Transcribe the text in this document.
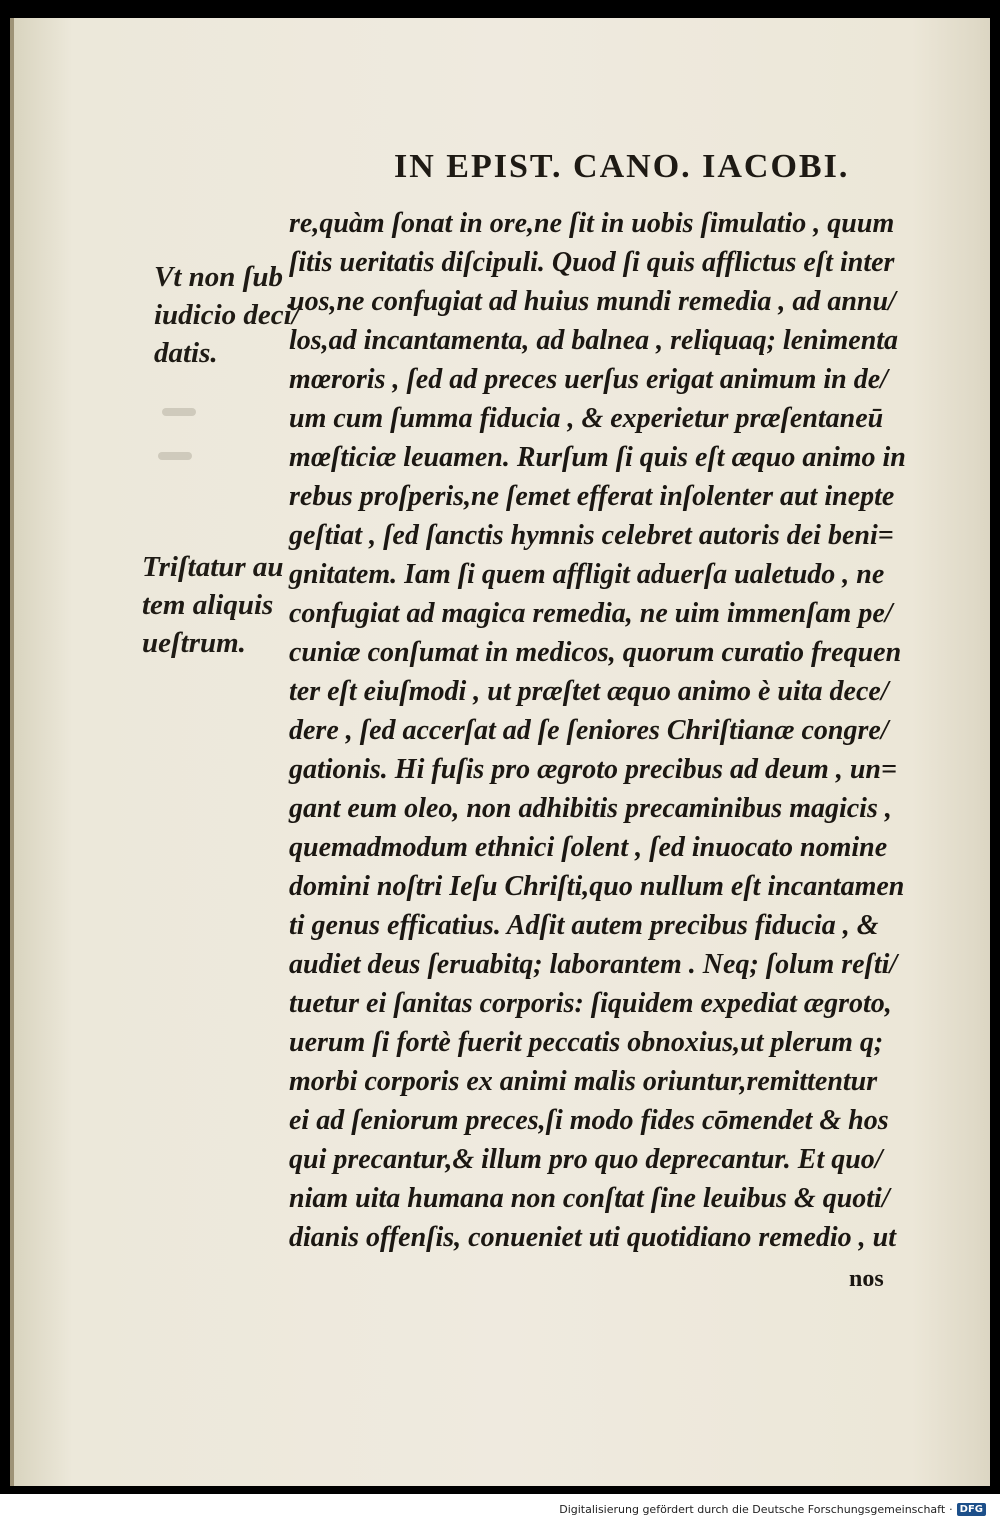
IN EPIST. CANO. IACOBI.
Vt non ſub
iudicio deci/
datis.
Triſtatur au
tem aliquis
ueſtrum.
re,quàm ſonat in ore,ne ſit in uobis ſimulatio , quum
ſitis ueritatis diſcipuli. Quod ſi quis afflictus eſt inter
uos,ne confugiat ad huius mundi remedia , ad annu/
los,ad incantamenta, ad balnea , reliquaq; lenimenta
mœroris , ſed ad preces uerſus erigat animum in de/
um cum ſumma fiducia , & experietur præſentaneū
mœſticiæ leuamen. Rurſum ſi quis eſt æquo animo in
rebus proſperis,ne ſemet efferat inſolenter aut inepte
geſtiat , ſed ſanctis hymnis celebret autoris dei beni=
gnitatem. Iam ſi quem affligit aduerſa ualetudo , ne
confugiat ad magica remedia, ne uim immenſam pe/
cuniæ conſumat in medicos, quorum curatio frequen
ter eſt eiuſmodi , ut præſtet æquo animo è uita dece/
dere , ſed accerſat ad ſe ſeniores Chriſtianæ congre/
gationis. Hi fuſis pro ægroto precibus ad deum , un=
gant eum oleo, non adhibitis precaminibus magicis ,
quemadmodum ethnici ſolent , ſed inuocato nomine
domini noſtri Ieſu Chriſti,quo nullum eſt incantamen
ti genus efficatius. Adſit autem precibus fiducia , &
audiet deus ſeruabitq; laborantem . Neq; ſolum reſti/
tuetur ei ſanitas corporis: ſiquidem expediat ægroto,
uerum ſi fortè fuerit peccatis obnoxius,ut plerum q;
morbi corporis ex animi malis oriuntur,remittentur
ei ad ſeniorum preces,ſi modo fides cōmendet & hos
qui precantur,& illum pro quo deprecantur. Et quo/
niam uita humana non conſtat ſine leuibus & quoti/
dianis offenſis, conueniet uti quotidiano remedio , ut
nos
Digitalisierung gefördert durch die Deutsche Forschungsgemeinschaft · DFG
